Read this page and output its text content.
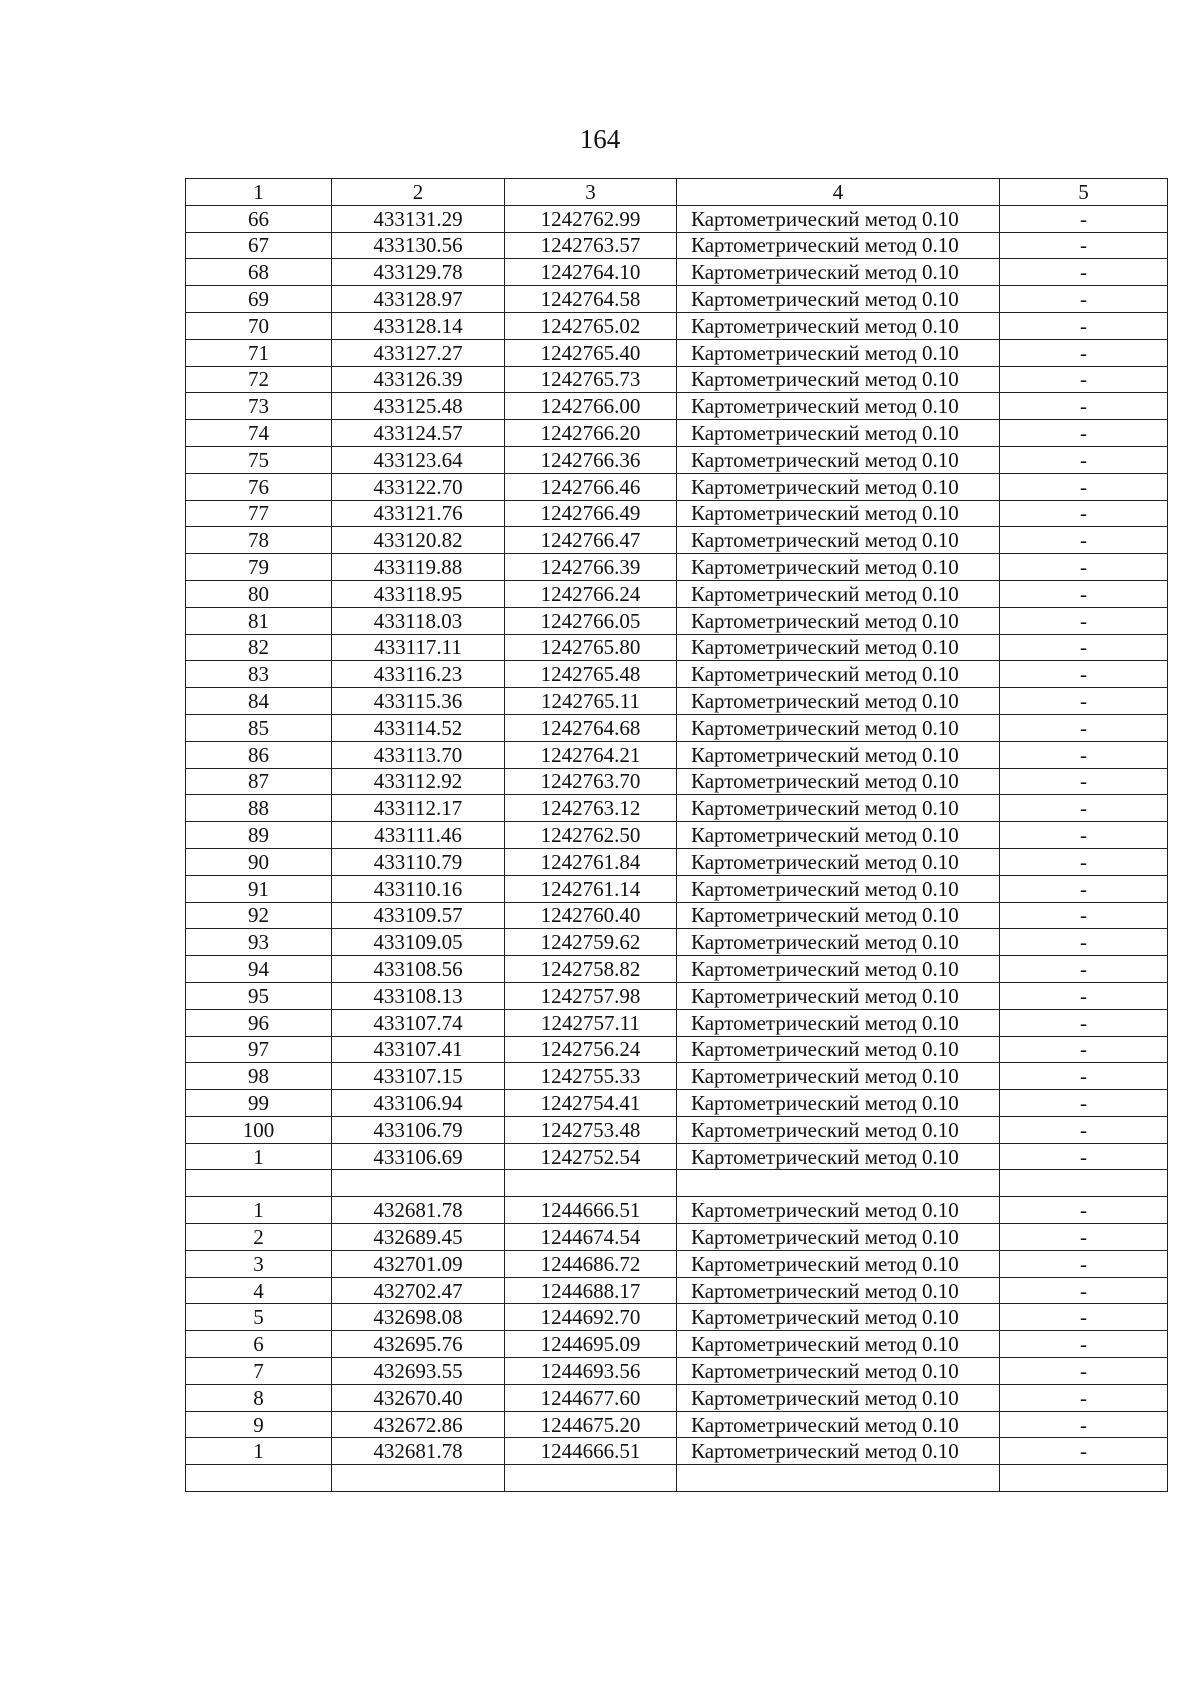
164
1	2	3	4	5
66	433131.29	1242762.99	Картометрический метод 0.10	-
67	433130.56	1242763.57	Картометрический метод 0.10	-
68	433129.78	1242764.10	Картометрический метод 0.10	-
69	433128.97	1242764.58	Картометрический метод 0.10	-
70	433128.14	1242765.02	Картометрический метод 0.10	-
71	433127.27	1242765.40	Картометрический метод 0.10	-
72	433126.39	1242765.73	Картометрический метод 0.10	-
73	433125.48	1242766.00	Картометрический метод 0.10	-
74	433124.57	1242766.20	Картометрический метод 0.10	-
75	433123.64	1242766.36	Картометрический метод 0.10	-
76	433122.70	1242766.46	Картометрический метод 0.10	-
77	433121.76	1242766.49	Картометрический метод 0.10	-
78	433120.82	1242766.47	Картометрический метод 0.10	-
79	433119.88	1242766.39	Картометрический метод 0.10	-
80	433118.95	1242766.24	Картометрический метод 0.10	-
81	433118.03	1242766.05	Картометрический метод 0.10	-
82	433117.11	1242765.80	Картометрический метод 0.10	-
83	433116.23	1242765.48	Картометрический метод 0.10	-
84	433115.36	1242765.11	Картометрический метод 0.10	-
85	433114.52	1242764.68	Картометрический метод 0.10	-
86	433113.70	1242764.21	Картометрический метод 0.10	-
87	433112.92	1242763.70	Картометрический метод 0.10	-
88	433112.17	1242763.12	Картометрический метод 0.10	-
89	433111.46	1242762.50	Картометрический метод 0.10	-
90	433110.79	1242761.84	Картометрический метод 0.10	-
91	433110.16	1242761.14	Картометрический метод 0.10	-
92	433109.57	1242760.40	Картометрический метод 0.10	-
93	433109.05	1242759.62	Картометрический метод 0.10	-
94	433108.56	1242758.82	Картометрический метод 0.10	-
95	433108.13	1242757.98	Картометрический метод 0.10	-
96	433107.74	1242757.11	Картометрический метод 0.10	-
97	433107.41	1242756.24	Картометрический метод 0.10	-
98	433107.15	1242755.33	Картометрический метод 0.10	-
99	433106.94	1242754.41	Картометрический метод 0.10	-
100	433106.79	1242753.48	Картометрический метод 0.10	-
1	433106.69	1242752.54	Картометрический метод 0.10	-

1	432681.78	1244666.51	Картометрический метод 0.10	-
2	432689.45	1244674.54	Картометрический метод 0.10	-
3	432701.09	1244686.72	Картометрический метод 0.10	-
4	432702.47	1244688.17	Картометрический метод 0.10	-
5	432698.08	1244692.70	Картометрический метод 0.10	-
6	432695.76	1244695.09	Картометрический метод 0.10	-
7	432693.55	1244693.56	Картометрический метод 0.10	-
8	432670.40	1244677.60	Картометрический метод 0.10	-
9	432672.86	1244675.20	Картометрический метод 0.10	-
1	432681.78	1244666.51	Картометрический метод 0.10	-
